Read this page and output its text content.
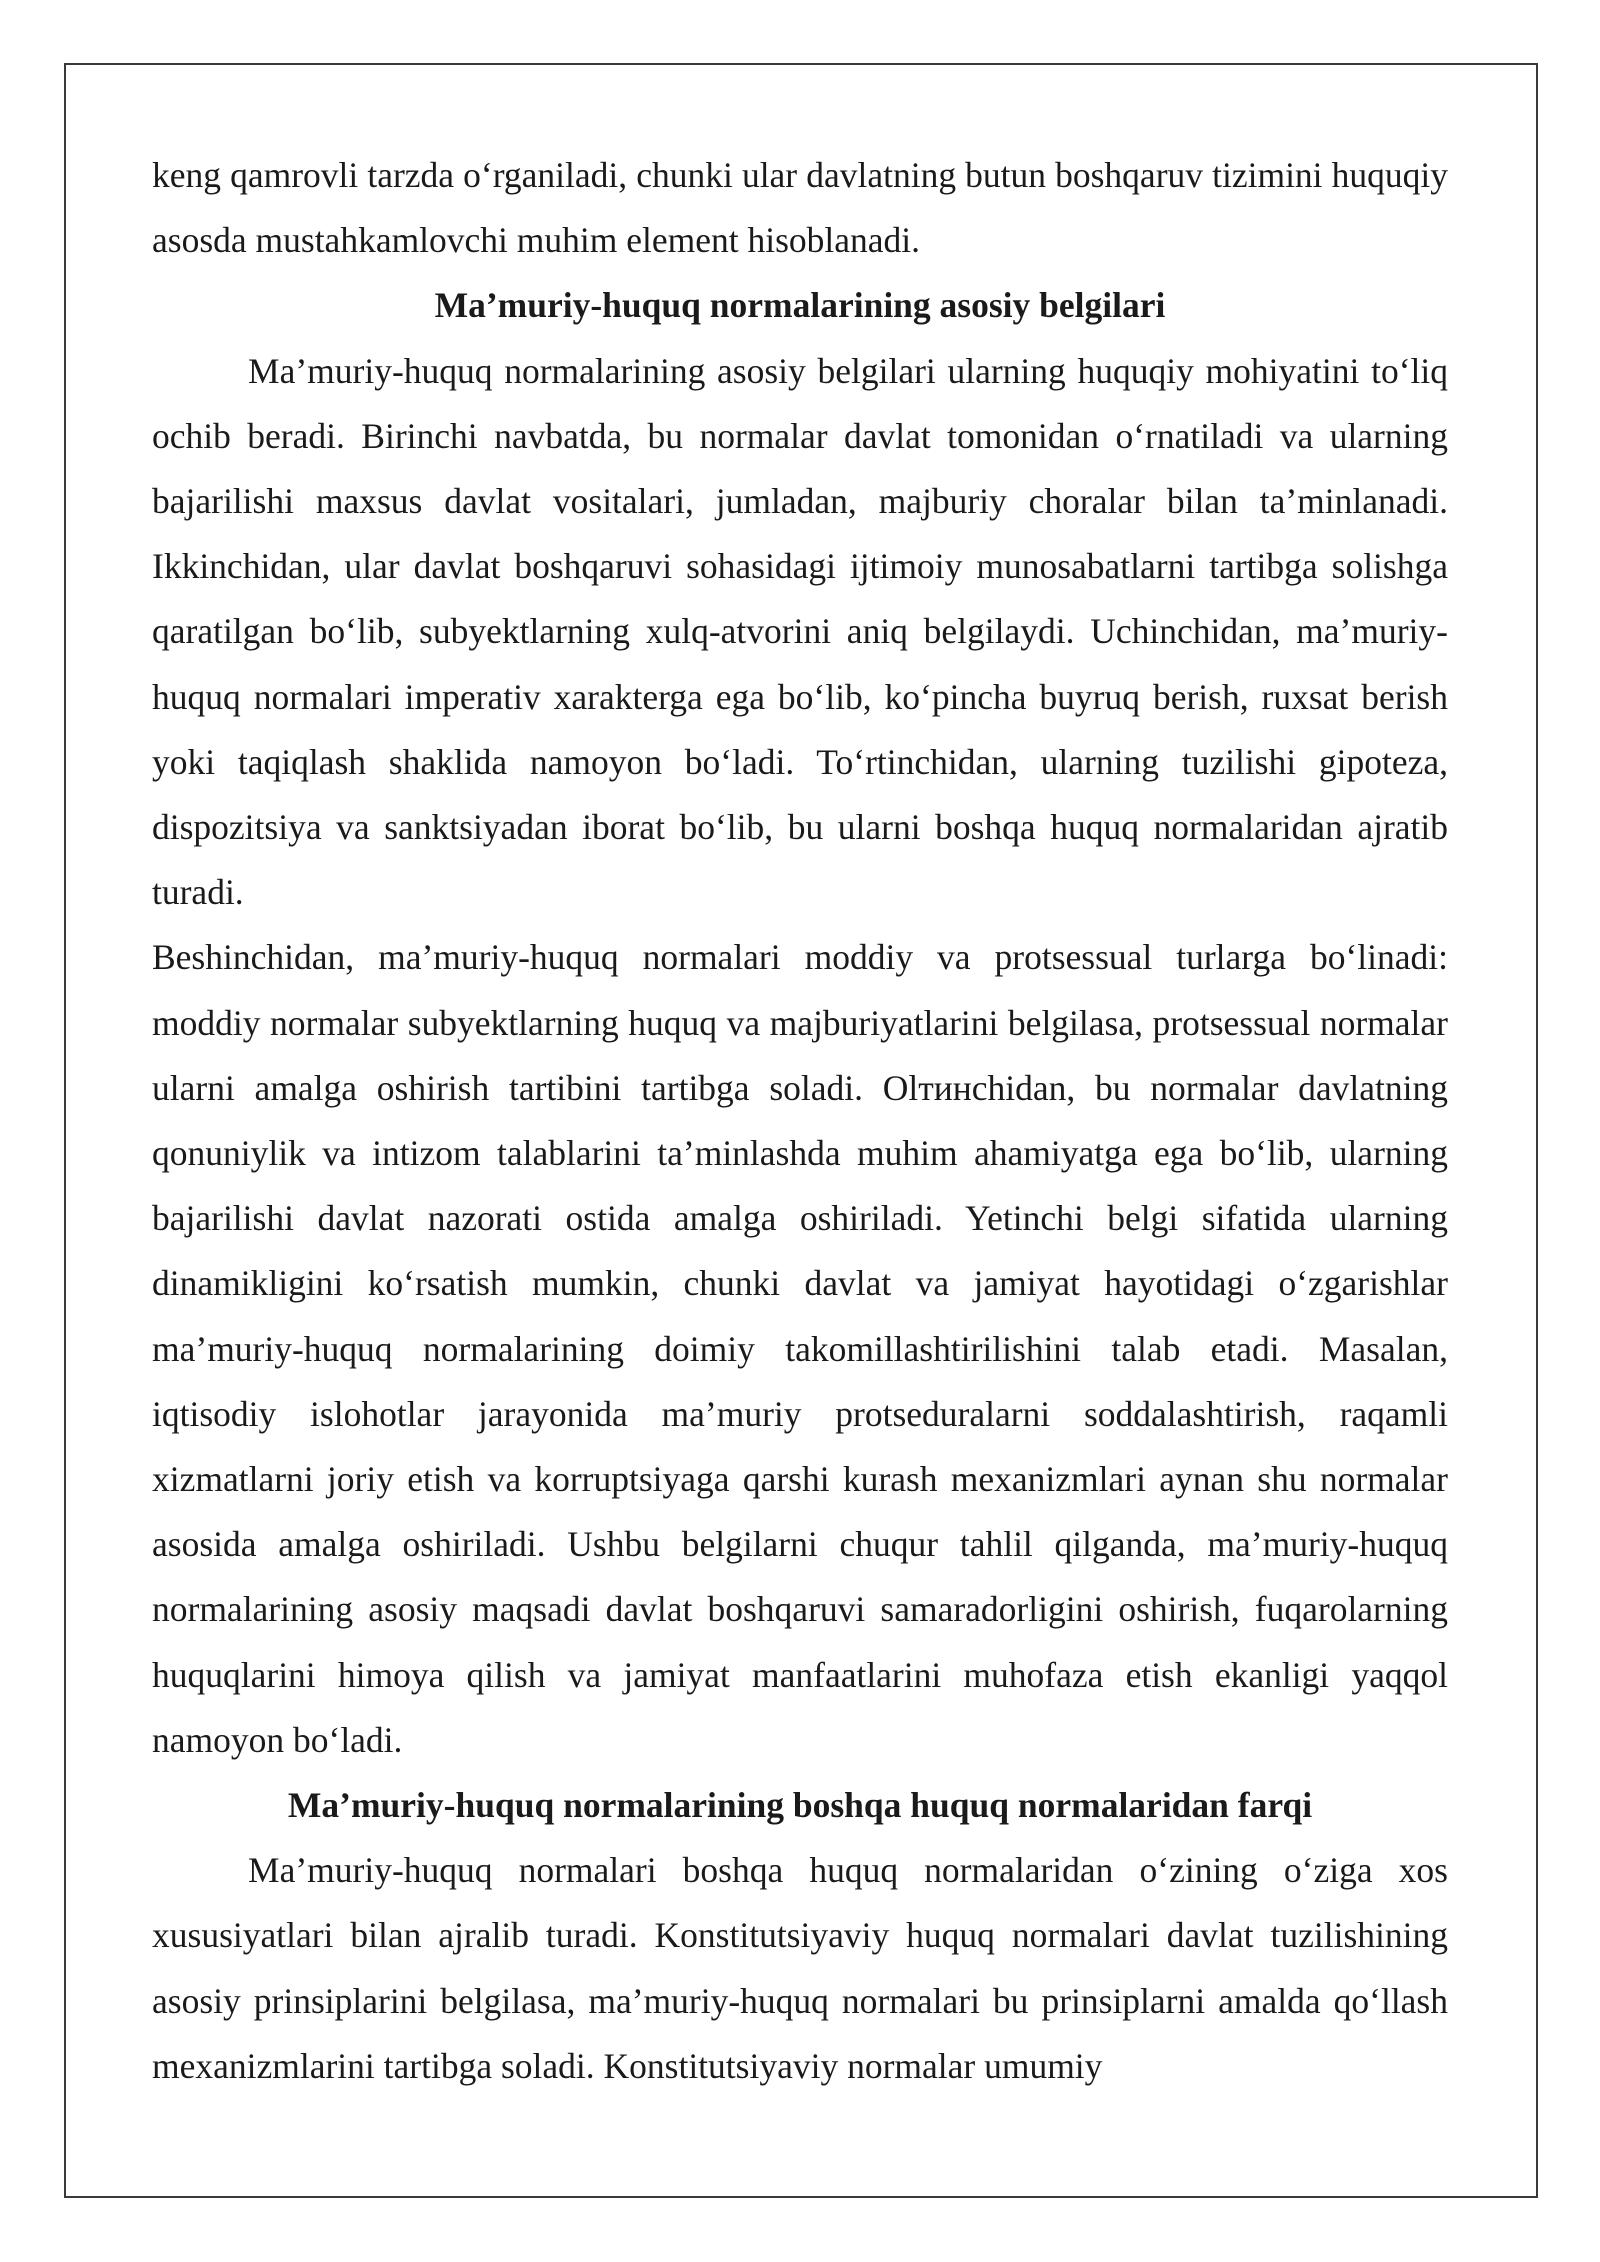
keng qamrovli tarzda o‘rganiladi, chunki ular davlatning butun boshqaruv tizimini huquqiy asosda mustahkamlovchi muhim element hisoblanadi.

Ma’muriy-huquq normalarining asosiy belgilari

Ma’muriy-huquq normalarining asosiy belgilari ularning huquqiy mohiyatini to‘liq ochib beradi. Birinchi navbatda, bu normalar davlat tomonidan o‘rnatiladi va ularning bajarilishi maxsus davlat vositalari, jumladan, majburiy choralar bilan ta’minlanadi. Ikkinchidan, ular davlat boshqaruvi sohasidagi ijtimoiy munosabatlarni tartibga solishga qaratilgan bo‘lib, subyektlarning xulq-atvorini aniq belgilaydi. Uchinchidan, ma’muriy-huquq normalari imperativ xarakterga ega bo‘lib, ko‘pincha buyruq berish, ruxsat berish yoki taqiqlash shaklida namoyon bo‘ladi. To‘rtinchidan, ularning tuzilishi gipoteza, dispozitsiya va sanktsiyadan iborat bo‘lib, bu ularni boshqa huquq normalaridan ajratib turadi.

Beshinchidan, ma’muriy-huquq normalari moddiy va protsessual turlarga bo‘linadi: moddiy normalar subyektlarning huquq va majburiyatlarini belgilasa, protsessual normalar ularni amalga oshirish tartibini tartibga soladi. Olтинchidan, bu normalar davlatning qonuniylik va intizom talablarini ta’minlashda muhim ahamiyatga ega bo‘lib, ularning bajarilishi davlat nazorati ostida amalga oshiriladi. Yetinchi belgi sifatida ularning dinamikligini ko‘rsatish mumkin, chunki davlat va jamiyat hayotidagi o‘zgarishlar ma’muriy-huquq normalarining doimiy takomillashtirilishini talab etadi. Masalan, iqtisodiy islohotlar jarayonida ma’muriy protseduralarni soddalashtirish, raqamli xizmatlarni joriy etish va korruptsiyaga qarshi kurash mexanizmlari aynan shu normalar asosida amalga oshiriladi. Ushbu belgilarni chuqur tahlil qilganda, ma’muriy-huquq normalarining asosiy maqsadi davlat boshqaruvi samaradorligini oshirish, fuqarolarning huquqlarini himoya qilish va jamiyat manfaatlarini muhofaza etish ekanligi yaqqol namoyon bo‘ladi.

Ma’muriy-huquq normalarining boshqa huquq normalaridan farqi

Ma’muriy-huquq normalari boshqa huquq normalaridan o‘zining o‘ziga xos xususiyatlari bilan ajralib turadi. Konstitutsiyaviy huquq normalari davlat tuzilishining asosiy prinsiplarini belgilasa, ma’muriy-huquq normalari bu prinsiplarni amalda qo‘llash mexanizmlarini tartibga soladi. Konstitutsiyaviy normalar umumiy
